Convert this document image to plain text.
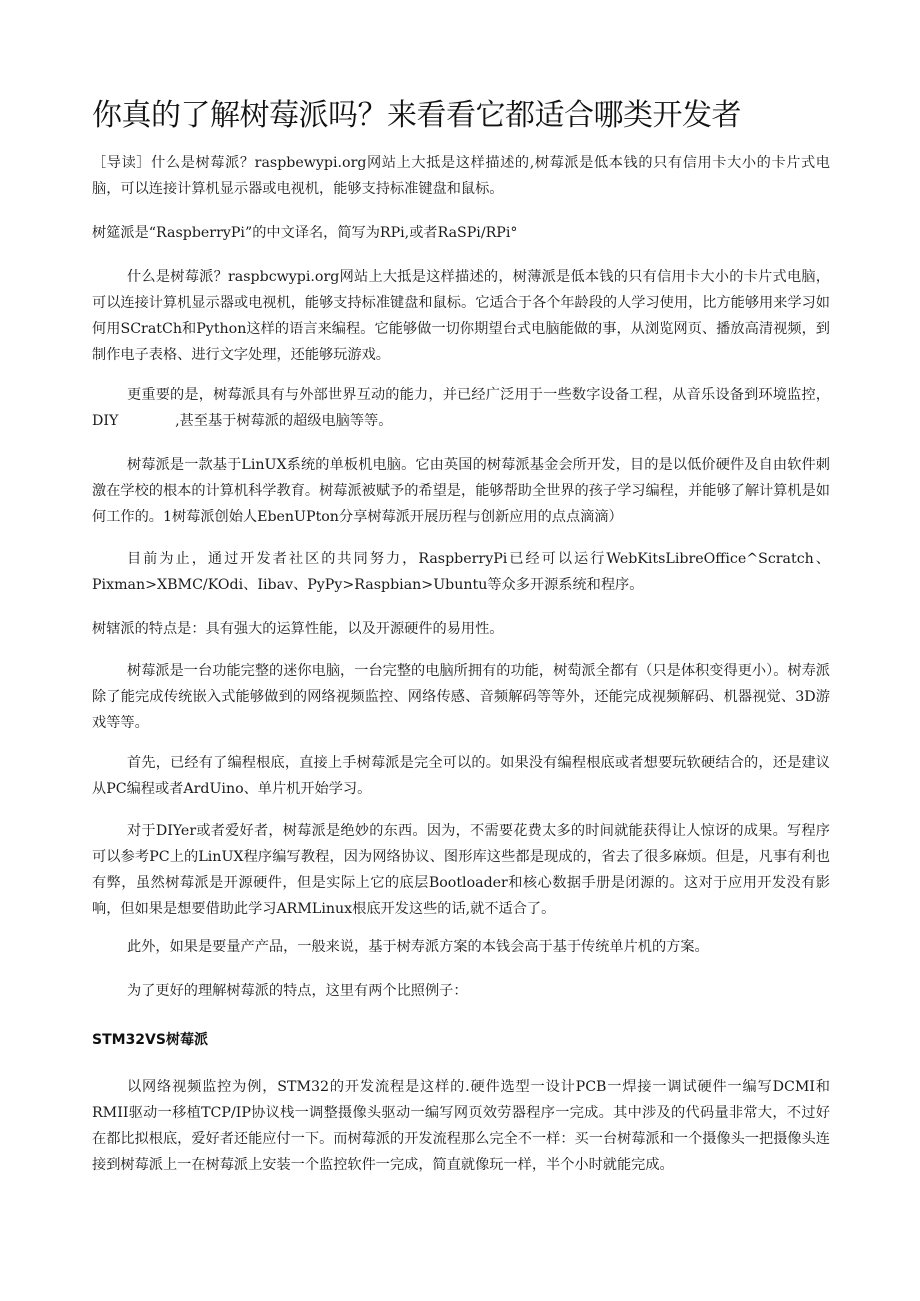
你真的了解树莓派吗？来看看它都适合哪类开发者

［导读］什么是树莓派？raspbewypi.org网站上大抵是这样描述的,树莓派是低本钱的只有信用卡大小的卡片式电脑，可以连接计算机显示器或电视机，能够支持标准键盘和鼠标。

树筵派是“RaspberryPi”的中文译名，简写为RPi,或者RaSPi∕RPi°

什么是树莓派？raspbcwypi.org网站上大抵是这样描述的，树薄派是低本钱的只有信用卡大小的卡片式电脑，可以连接计算机显示器或电视机，能够支持标准键盘和鼠标。它适合于各个年龄段的人学习使用，比方能够用来学习如何用SCratCh和Python这样的语言来编程。它能够做一切你期望台式电脑能做的事，从浏览网页、播放高清视频，到制作电子表格、进行文字处理，还能够玩游戏。

更重要的是，树莓派具有与外部世界互动的能力，并已经广泛用于一些数字设备工程，从音乐设备到环境监控，DIY　　　　,甚至基于树莓派的超级电脑等等。

树莓派是一款基于LinUX系统的单板机电脑。它由英国的树莓派基金会所开发，目的是以低价硬件及自由软件刺激在学校的根本的计算机科学教育。树莓派被赋予的希望是，能够帮助全世界的孩子学习编程，并能够了解计算机是如何工作的。1树莓派创始人EbenUPton分享树莓派开展历程与创新应用的点点滴滴）

目前为止，通过开发者社区的共同努力，RaspberryPi已经可以运行WebKitsLibreOffice^Scratch、Pixman>XBMC/KOdi、Iibav、PyPy>Raspbian>Ubuntu等众多开源系统和程序。

树辖派的特点是：具有强大的运算性能，以及开源硬件的易用性。

树莓派是一台功能完整的迷你电脑，一台完整的电脑所拥有的功能，树萄派全都有（只是体积变得更小）。树寿派除了能完成传统嵌入式能够做到的网络视频监控、网络传感、音频解码等等外，还能完成视频解码、机器视觉、3D游戏等等。

首先，已经有了编程根底，直接上手树莓派是完全可以的。如果没有编程根底或者想要玩软硬结合的，还是建议从PC编程或者ArdUino、单片机开始学习。

对于DIYer或者爱好者，树莓派是绝妙的东西。因为，不需要花费太多的时间就能获得让人惊讶的成果。写程序可以参考PC上的LinUX程序编写教程，因为网络协议、图形库这些都是现成的，省去了很多麻烦。但是，凡事有利也有弊，虽然树莓派是开源硬件，但是实际上它的底层Bootloader和核心数据手册是闭源的。这对于应用开发没有影响，但如果是想要借助此学习ARMLinux根底开发这些的话,就不适合了。

此外，如果是要量产产品，一般来说，基于树寿派方案的本钱会高于基于传统单片机的方案。

为了更好的理解树莓派的特点，这里有两个比照例子：

STM32VS树莓派

以网络视频监控为例，STM32的开发流程是这样的.硬件选型一设计PCB一焊接一调试硬件一编写DCMI和RMII驱动一移植TCP/IP协议栈一调整摄像头驱动一编写网页效劳器程序一完成。其中涉及的代码量非常大，不过好在都比拟根底，爱好者还能应付一下。而树莓派的开发流程那么完全不一样：买一台树莓派和一个摄像头一把摄像头连接到树莓派上一在树莓派上安装一个监控软件一完成，简直就像玩一样，半个小时就能完成。
